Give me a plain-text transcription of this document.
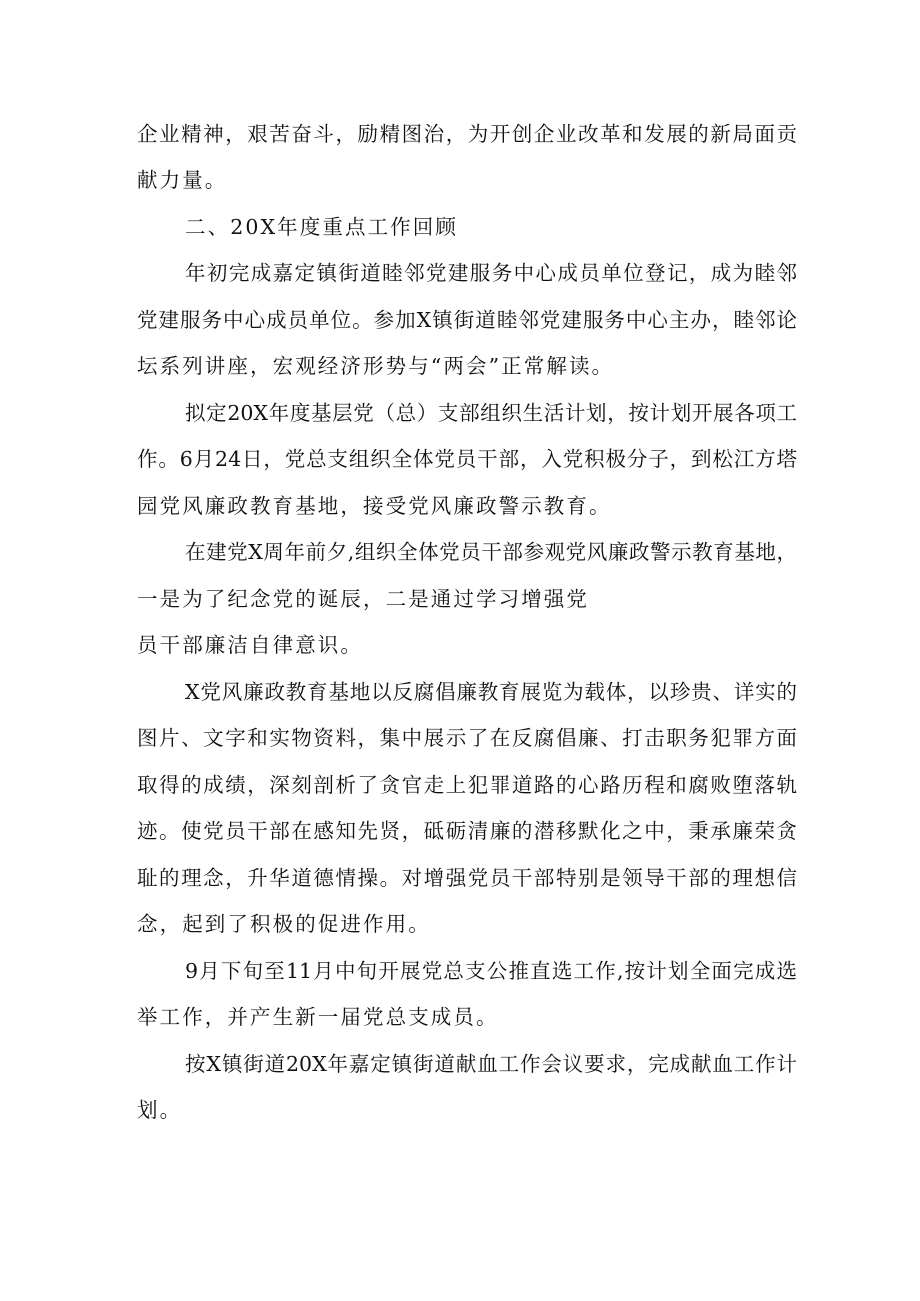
企业精神，艰苦奋斗，励精图治，为开创企业改革和发展的新局面贡
献力量。
二、20X年度重点工作回顾
年初完成嘉定镇街道睦邻党建服务中心成员单位登记，成为睦邻
党建服务中心成员单位。参加X镇街道睦邻党建服务中心主办，睦邻论
坛系列讲座，宏观经济形势与“两会”正常解读。
拟定20X年度基层党（总）支部组织生活计划，按计划开展各项工
作。6月24日，党总支组织全体党员干部，入党积极分子，到松江方塔
园党风廉政教育基地，接受党风廉政警示教育。
在建党X周年前夕,组织全体党员干部参观党风廉政警示教育基地，
一是为了纪念党的诞辰，二是通过学习增强党
员干部廉洁自律意识。
X党风廉政教育基地以反腐倡廉教育展览为载体，以珍贵、详实的
图片、文字和实物资料，集中展示了在反腐倡廉、打击职务犯罪方面
取得的成绩，深刻剖析了贪官走上犯罪道路的心路历程和腐败堕落轨
迹。使党员干部在感知先贤，砥砺清廉的潜移默化之中，秉承廉荣贪
耻的理念，升华道德情操。对增强党员干部特别是领导干部的理想信
念，起到了积极的促进作用。
9月下旬至11月中旬开展党总支公推直选工作,按计划全面完成选
举工作，并产生新一届党总支成员。
按X镇街道20X年嘉定镇街道献血工作会议要求，完成献血工作计
划。
